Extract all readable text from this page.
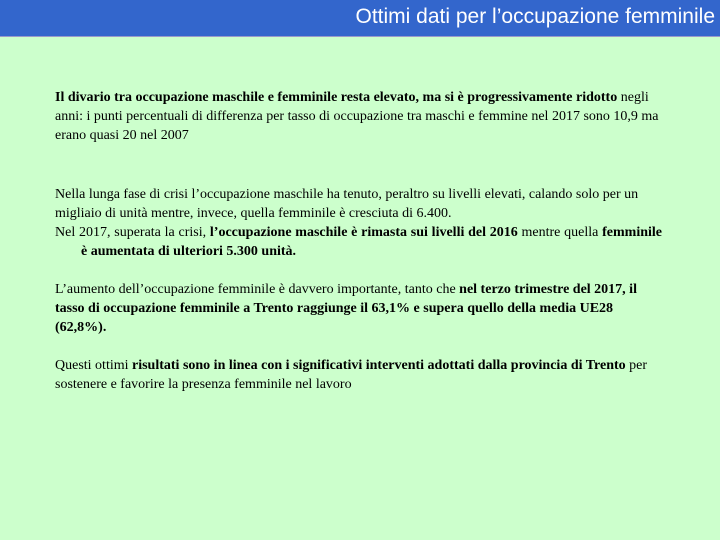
Ottimi dati per l’occupazione femminile

Il divario tra occupazione maschile e femminile resta elevato, ma si è progressivamente ridotto negli anni: i punti percentuali di differenza per tasso di occupazione tra maschi e femmine nel 2017 sono 10,9 ma erano quasi 20 nel 2007

Nella lunga fase di crisi l’occupazione maschile ha tenuto, peraltro su livelli elevati, calando solo per un migliaio di unità mentre, invece, quella femminile è cresciuta di 6.400.

Nel 2017, superata la crisi, l’occupazione maschile è rimasta sui livelli del 2016 mentre quella femminile è aumentata di ulteriori 5.300 unità.

L’aumento dell’occupazione femminile è davvero importante, tanto che nel terzo trimestre del 2017, il tasso di occupazione femminile a Trento raggiunge il 63,1% e supera quello della media UE28 (62,8%).

Questi ottimi risultati sono in linea con i significativi interventi adottati dalla provincia di Trento per sostenere e favorire la presenza femminile nel lavoro
